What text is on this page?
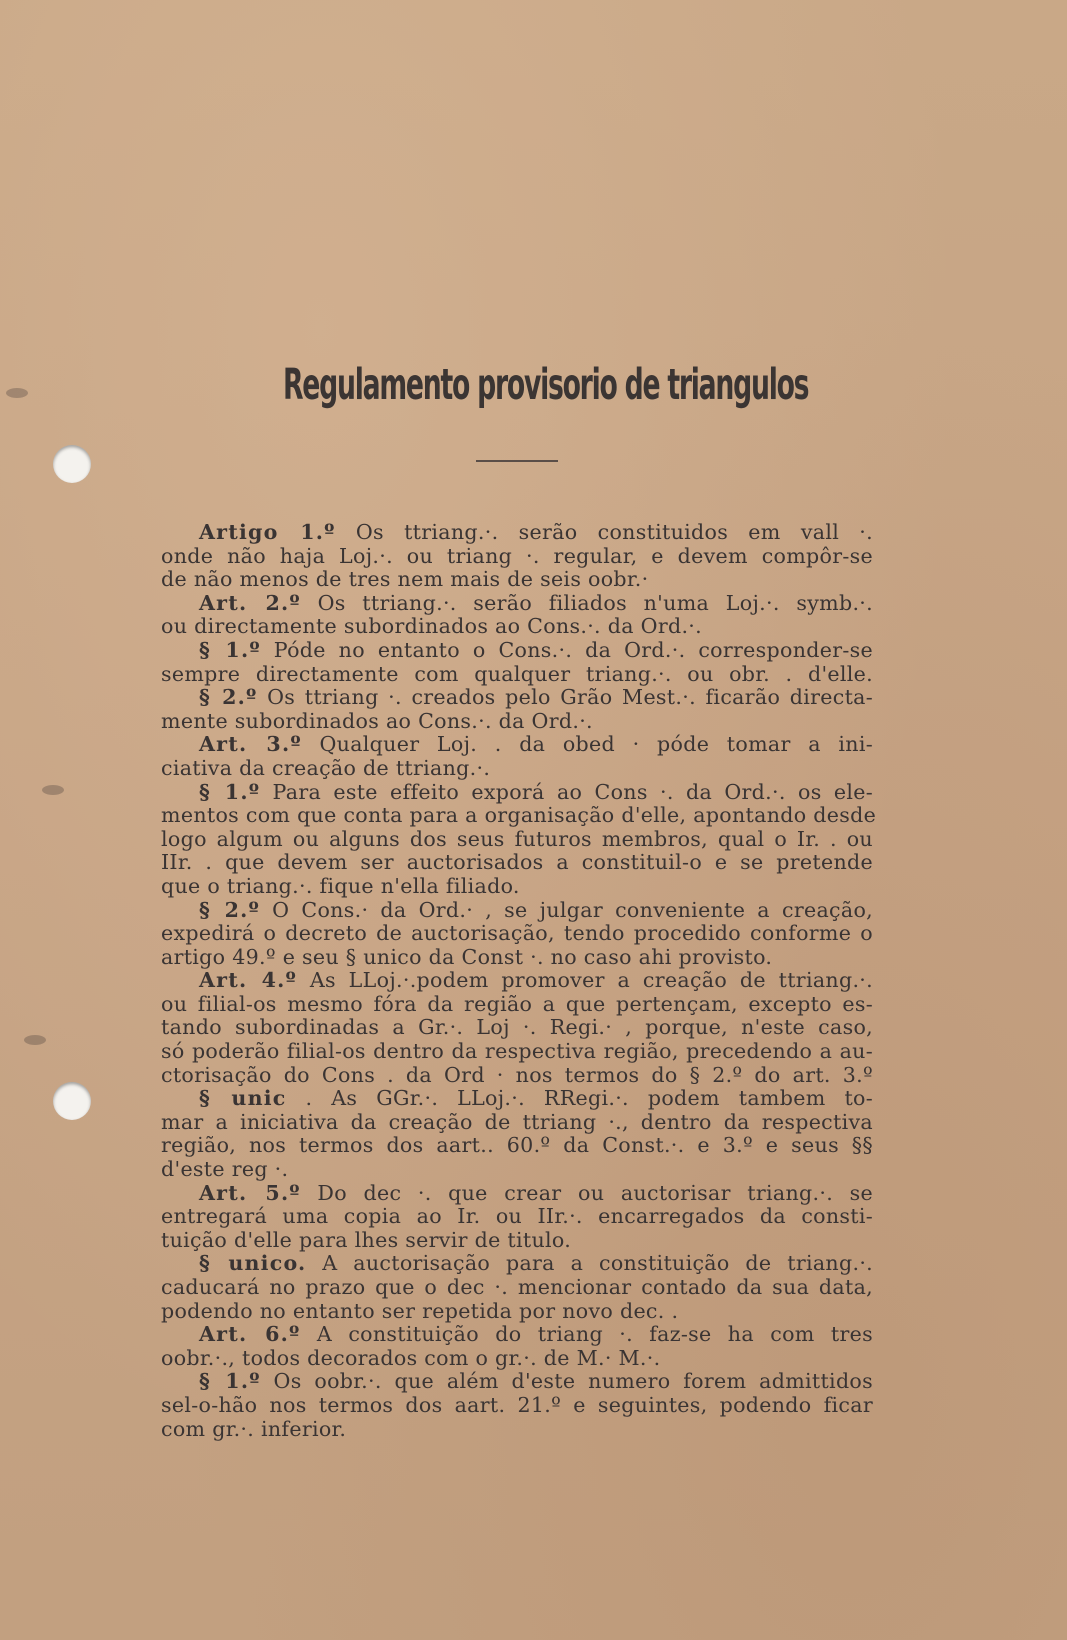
Regulamento provisorio de triangulos
Artigo 1.º Os ttriang.·. serão constituidos em vall ·.
onde não haja Loj.·. ou triang ·. regular, e devem compôr-se
de não menos de tres nem mais de seis oobr.·
Art. 2.º Os ttriang.·. serão filiados n'uma Loj.·. symb.·.
ou directamente subordinados ao Cons.·. da Ord.·.
§ 1.º Póde no entanto o Cons.·. da Ord.·. corresponder-se
sempre directamente com qualquer triang.·. ou obr. . d'elle.
§ 2.º Os ttriang ·. creados pelo Grão Mest.·. ficarão directa-
mente subordinados ao Cons.·. da Ord.·.
Art. 3.º Qualquer Loj. . da obed · póde tomar a ini-
ciativa da creação de ttriang.·.
§ 1.º Para este effeito exporá ao Cons ·. da Ord.·. os ele-
mentos com que conta para a organisação d'elle, apontando desde
logo algum ou alguns dos seus futuros membros, qual o Ir. . ou
IIr. . que devem ser auctorisados a constituil-o e se pretende
que o triang.·. fique n'ella filiado.
§ 2.º O Cons.· da Ord.· , se julgar conveniente a creação,
expedirá o decreto de auctorisação, tendo procedido conforme o
artigo 49.º e seu § unico da Const ·. no caso ahi provisto.
Art. 4.º As LLoj.·.podem promover a creação de ttriang.·.
ou filial-os mesmo fóra da região a que pertençam, excepto es-
tando subordinadas a Gr.·. Loj ·. Regi.· , porque, n'este caso,
só poderão filial-os dentro da respectiva região, precedendo a au-
ctorisação do Cons . da Ord · nos termos do § 2.º do art. 3.º
§ unic . As GGr.·. LLoj.·. RRegi.·. podem tambem to-
mar a iniciativa da creação de ttriang ·., dentro da respectiva
região, nos termos dos aart.. 60.º da Const.·. e 3.º e seus §§
d'este reg ·.
Art. 5.º Do dec ·. que crear ou auctorisar triang.·. se
entregará uma copia ao Ir. ou IIr.·. encarregados da consti-
tuição d'elle para lhes servir de titulo.
§ unico. A auctorisação para a constituição de triang.·.
caducará no prazo que o dec ·. mencionar contado da sua data,
podendo no entanto ser repetida por novo dec. .
Art. 6.º A constituição do triang ·. faz-se ha com tres
oobr.·., todos decorados com o gr.·. de M.· M.·.
§ 1.º Os oobr.·. que além d'este numero forem admittidos
sel-o-hão nos termos dos aart. 21.º e seguintes, podendo ficar
com gr.·. inferior.
